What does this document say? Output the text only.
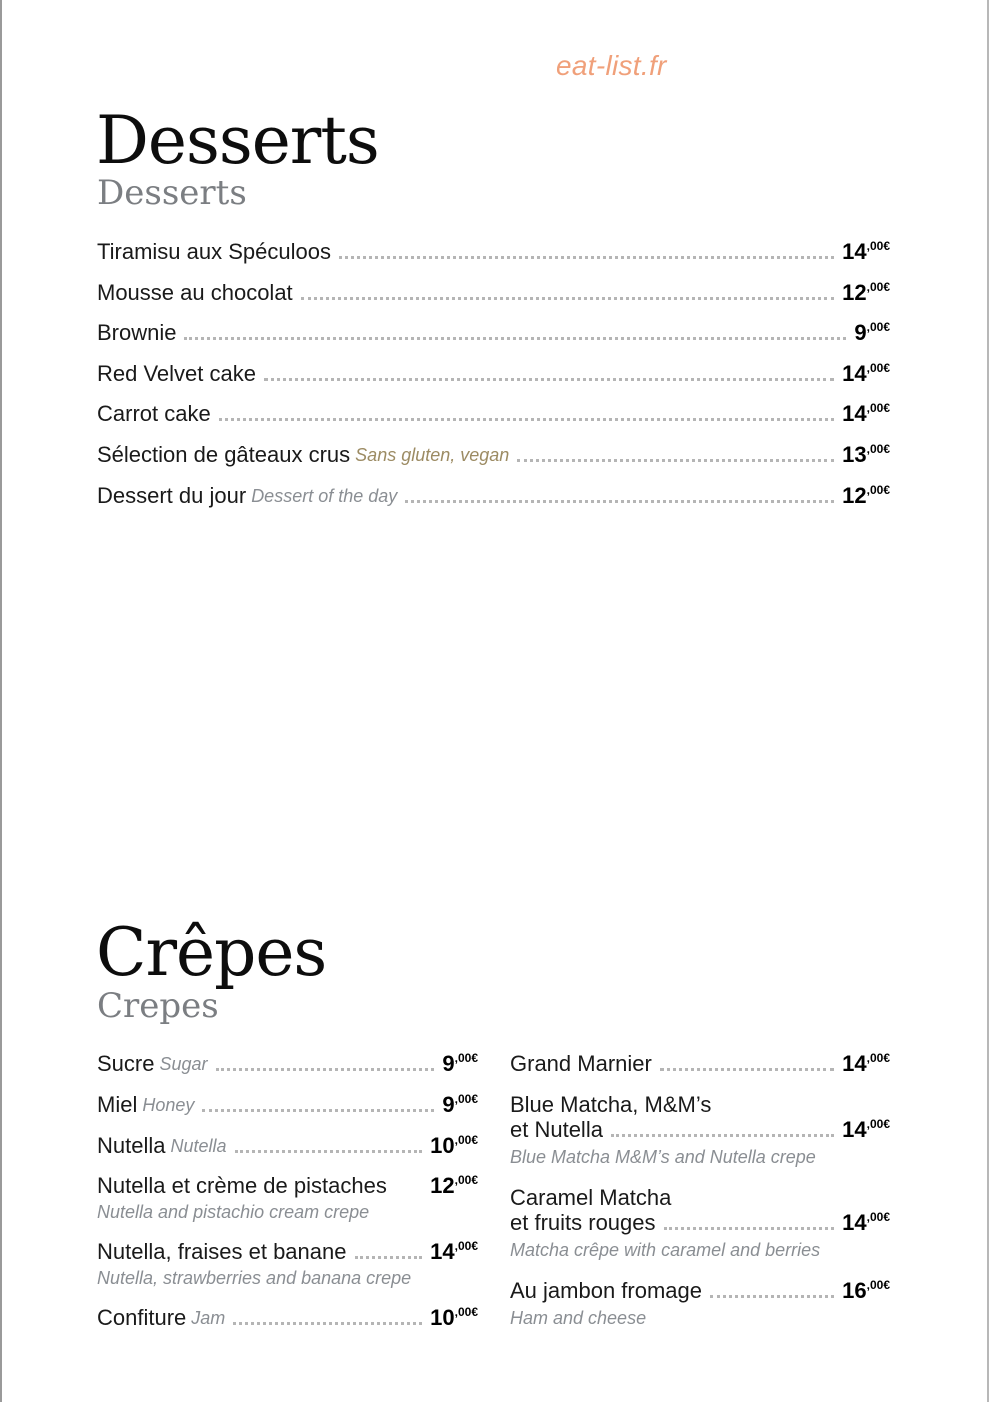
eat-list.fr
Desserts
Desserts
Tiramisu aux Spéculoos	14 ,00€
Mousse au chocolat	12 ,00€
Brownie	9 ,00€
Red Velvet cake	14 ,00€
Carrot cake	14 ,00€
Sélection de gâteaux crus Sans gluten, vegan	13 ,00€
Dessert du jour Dessert of the day	12 ,00€
Crêpes
Crepes
Sucre Sugar	9 ,00€
Miel Honey	9 ,00€
Nutella Nutella	10 ,00€
Nutella et crème de pistaches 12 ,00€
Nutella and pistachio cream crepe
Nutella, fraises et banane	14 ,00€
Nutella, strawberries and banana crepe
Confiture Jam	10 ,00€
Grand Marnier	14 ,00€
Blue Matcha, M&M’s
et Nutella	14 ,00€
Blue Matcha M&M’s and Nutella crepe
Caramel Matcha
et fruits rouges	14 ,00€
Matcha crêpe with caramel and berries
Au jambon fromage	16 ,00€
Ham and cheese
